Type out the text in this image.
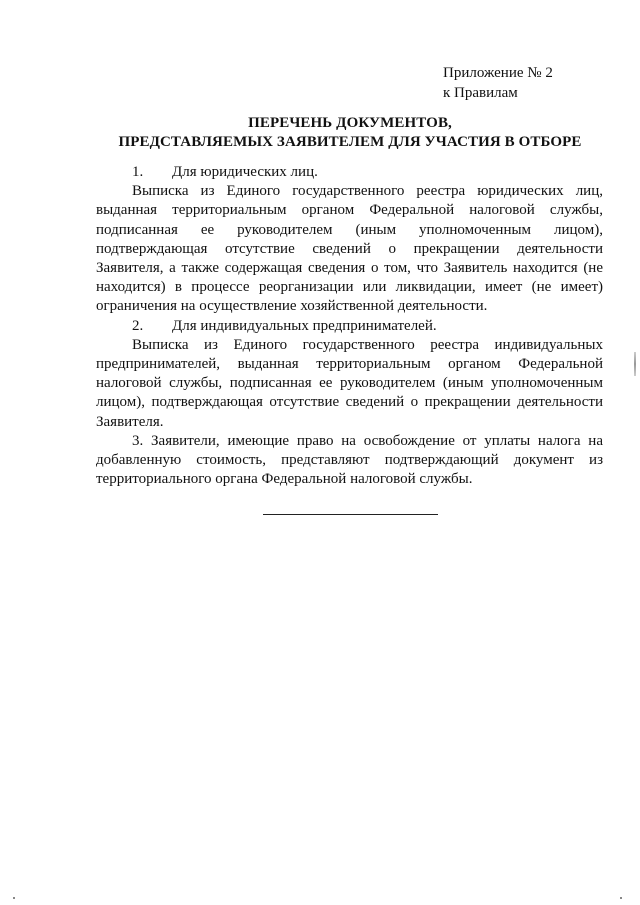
Приложение № 2
к Правилам
ПЕРЕЧЕНЬ ДОКУМЕНТОВ,
ПРЕДСТАВЛЯЕМЫХ ЗАЯВИТЕЛЕМ ДЛЯ УЧАСТИЯ В ОТБОРЕ

1. Для юридических лиц.

Выписка из Единого государственного реестра юридических лиц, выданная территориальным органом Федеральной налоговой службы, подписанная ее руководителем (иным уполномоченным лицом), подтверждающая отсутствие сведений о прекращении деятельности Заявителя, а также содержащая сведения о том, что Заявитель находится (не находится) в процессе реорганизации или ликвидации, имеет (не имеет) ограничения на осуществление хозяйственной деятельности.

2. Для индивидуальных предпринимателей.

Выписка из Единого государственного реестра индивидуальных предпринимателей, выданная территориальным органом Федеральной налоговой службы, подписанная ее руководителем (иным уполномоченным лицом), подтверждающая отсутствие сведений о прекращении деятельности Заявителя.

3. Заявители, имеющие право на освобождение от уплаты налога на добавленную стоимость, представляют подтверждающий документ из территориального органа Федеральной налоговой службы.
